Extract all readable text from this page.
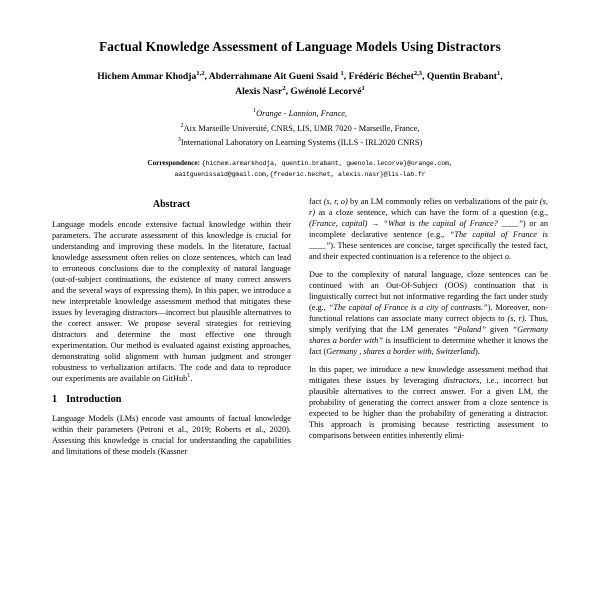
Factual Knowledge Assessment of Language Models Using Distractors
Hichem Ammar Khodja$^{1,2}$, Abderrahmane Ait Gueni Ssaid $^1$, Frédéric Béchet$^{2,3}$, Quentin Brabant$^1$,
Alexis Nasr$^2$, Gwénolé Lecorvé$^1$
$^1$Orange - Lannion, France,
$^2$Aix Marseille Université, CNRS, LIS, UMR 7020 - Marseille, France,
$^3$International Laboratory on Learning Systems (ILLS - IRL2020 CNRS)
Correspondence: {hichem.armarkhodja, quentin.brabant, gwenole.lecorve}@orange.com,
aaitguenissaid@gmail.com,{frederic.bechet, alexis.nasr}@lis-lab.fr
Abstract

Language models encode extensive factual knowledge within their parameters. The accurate assessment of this knowledge is crucial for understanding and improving these models. In the literature, factual knowledge assessment often relies on cloze sentences, which can lead to erroneous conclusions due to the complexity of natural language (out-of-subject continuations, the existence of many correct answers and the several ways of expressing them). In this paper, we introduce a new interpretable knowledge assessment method that mitigates these issues by leveraging distractors—incorrect but plausible alternatives to the correct answer. We propose several strategies for retrieving distractors and determine the most effective one through experimentation. Our method is evaluated against existing approaches, demonstrating solid alignment with human judgment and stronger robustness to verbalization artifacts. The code and data to reproduce our experiments are available on GitHub$^1$.

1 Introduction

Language Models (LMs) encode vast amounts of factual knowledge within their parameters (Petroni et al., 2019; Roberts et al., 2020). Assessing this knowledge is crucial for understanding the capabilities and limitations of these models (Kassner

fact (s, r, o) by an LM commonly relies on verbalizations of the pair (s, r) as a cloze sentence, which can have the form of a question (e.g., (France, capital) → “What is the capital of France? ____”) or an incomplete declarative sentence (e.g., “The capital of France is ____”). These sentences are concise, target specifically the tested fact, and their expected continuation is a reference to the object o.

Due to the complexity of natural language, cloze sentences can be continued with an Out-Of-Subject (OOS) continuation that is linguistically correct but not informative regarding the fact under study (e.g., “The capital of France is a city of contrasts.”). Moreover, non-functional relations can associate many correct objects to (s, r). Thus, simply verifying that the LM generates “Poland” given “Germany shares a border with” is insufficient to determine whether it knows the fact (Germany , shares a border with, Switzerland).

In this paper, we introduce a new knowledge assessment method that mitigates these issues by leveraging distractors, i.e., incorrect but plausible alternatives to the correct answer. For a given LM, the probability of generating the correct answer from a cloze sentence is expected to be higher than the probability of generating a distractor. This approach is promising because restricting assessment to comparisons between entities inherently elimi-
